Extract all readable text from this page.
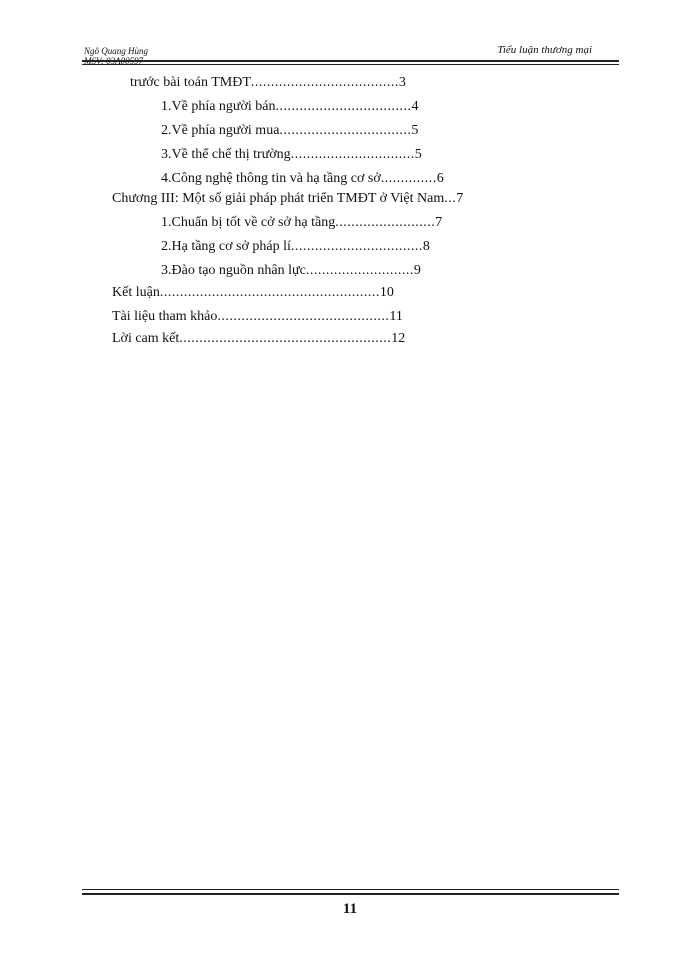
Ngô Quang Hùng	Tiểu luận thương mại
trước bài toán TMĐT ..................................... 3
1.Về phía người bán .................................. 4
2.Về phía người mua ................................. 5
3.Về thể chế thị trường ............................... 5
4.Công nghệ thông tin và hạ tầng cơ sở .............. 6
Chương III: Một số giải pháp phát triển TMĐT ở Việt Nam ... 7
1.Chuẩn bị tốt về cở sở hạ tầng ......................... 7
2.Hạ tầng cơ sở pháp lí ................................. 8
3.Đào tạo nguồn nhân lực ........................... 9
Kết luận ....................................................... 10
Tài liệu tham khảo ........................................... 11
Lời cam kết ..................................................... 12
11
